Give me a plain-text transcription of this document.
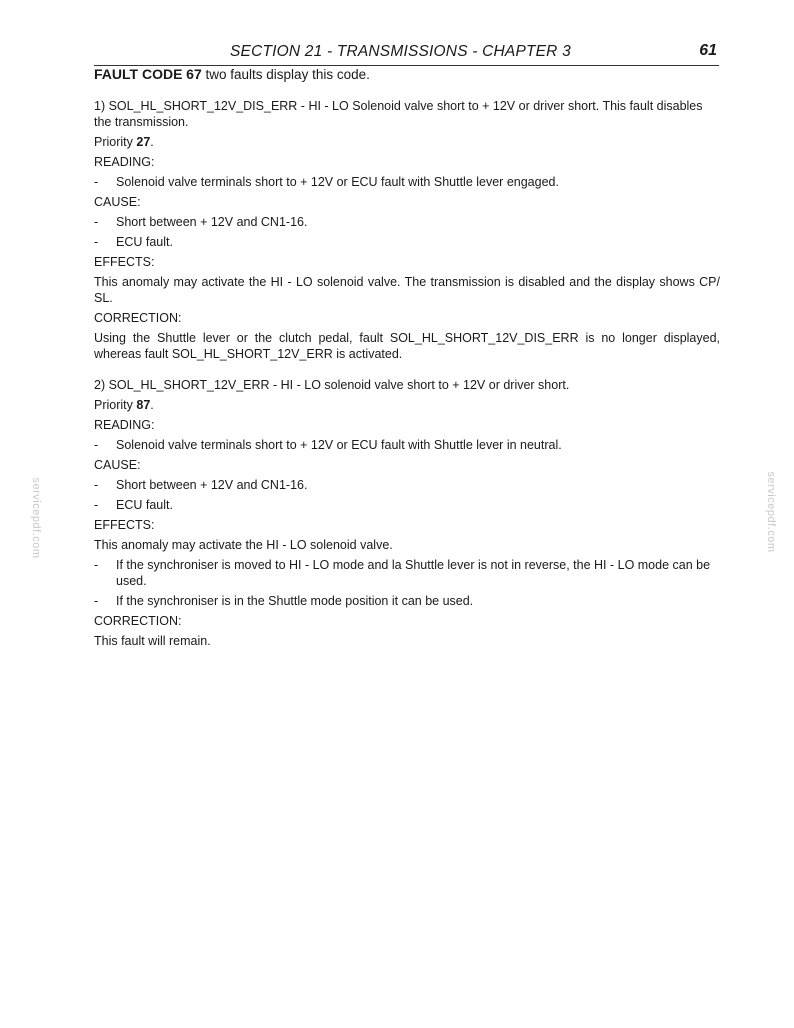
SECTION 21 - TRANSMISSIONS - CHAPTER 3	61
servicepdf.com	servicepdf.com

FAULT CODE 67 two faults display this code.

1) SOL_HL_SHORT_12V_DIS_ERR - HI - LO Solenoid valve short to + 12V or driver short. This fault disables the transmission.

Priority 27.

READING:

-	Solenoid valve terminals short to + 12V or ECU fault with Shuttle lever engaged.

CAUSE:

-	Short between + 12V and CN1-16.
-	ECU fault.

EFFECTS:

This anomaly may activate the HI - LO solenoid valve. The transmission is disabled and the display shows CP/ SL.

CORRECTION:

Using the Shuttle lever or the clutch pedal, fault SOL_HL_SHORT_12V_DIS_ERR is no longer displayed, whereas fault SOL_HL_SHORT_12V_ERR is activated.

2) SOL_HL_SHORT_12V_ERR - HI - LO solenoid valve short to + 12V or driver short.

Priority 87.

READING:

-	Solenoid valve terminals short to + 12V or ECU fault with Shuttle lever in neutral.

CAUSE:

-	Short between + 12V and CN1-16.
-	ECU fault.

EFFECTS:

This anomaly may activate the HI - LO solenoid valve.

-	If the synchroniser is moved to HI - LO mode and la Shuttle lever is not in reverse, the HI - LO mode can be used.
-	If the synchroniser is in the Shuttle mode position it can be used.

CORRECTION:

This fault will remain.
